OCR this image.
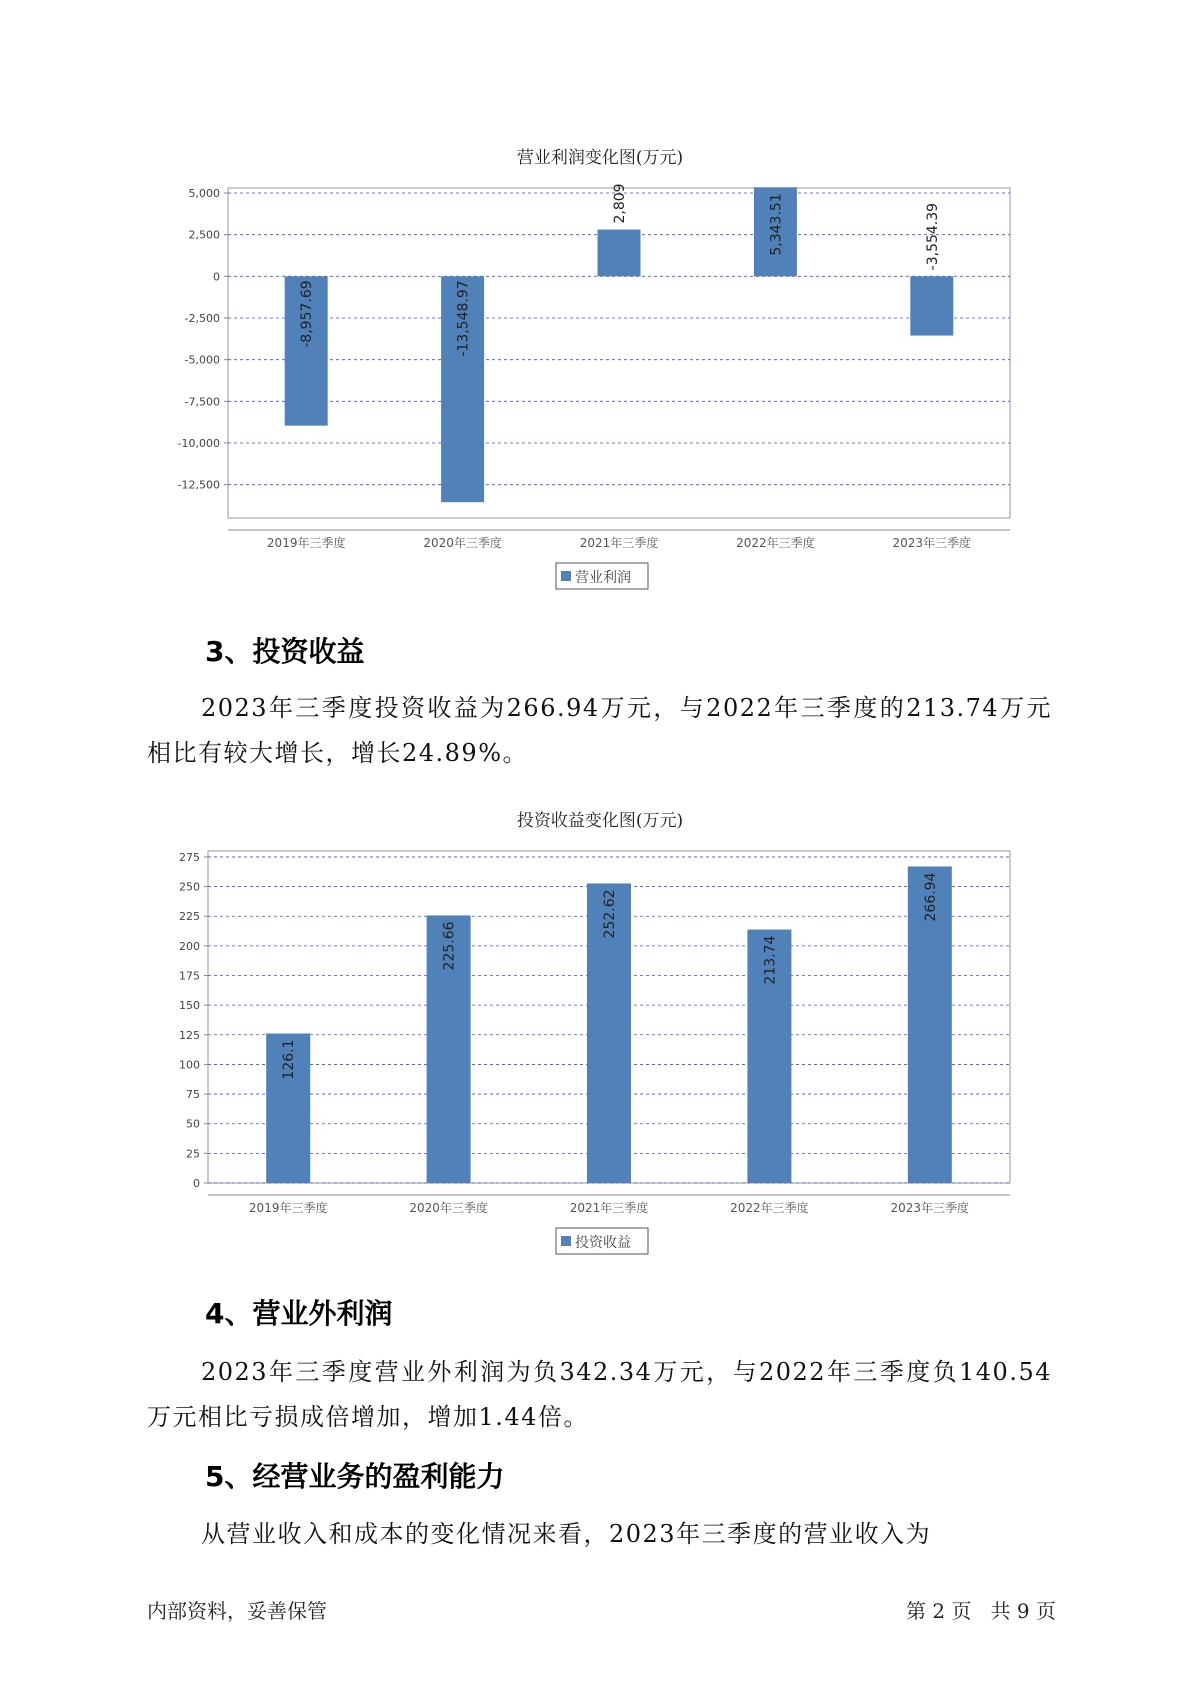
营业利润变化图(万元)
-8,957.69	-13,548.97
2,809	5,343.51	-3,554.39
5,000
2,500
0
-2,500
-5,000
-7,500
-10,000
-12,500
2019年三季度	2020年三季度	2021年三季度	2022年三季度	2023年三季度
营业利润
投资收益变化图(万元)
126.1
225.66
252.62
213.74
266.94
275
250
225
200
175
150
125
100
75
50
25
0
2019年三季度	2020年三季度	2021年三季度	2022年三季度	2023年三季度
投资收益
3、投资收益

2023年三季度投资收益为266.94万元，与2022年三季度的213.74万元相比有较大增长，增长24.89%。

4、营业外利润

2023年三季度营业外利润为负342.34万元，与2022年三季度负140.54万元相比亏损成倍增加，增加1.44倍。

5、经营业务的盈利能力

从营业收入和成本的变化情况来看，2023年三季度的营业收入为

内部资料，妥善保管	第 2 页   共 9 页
